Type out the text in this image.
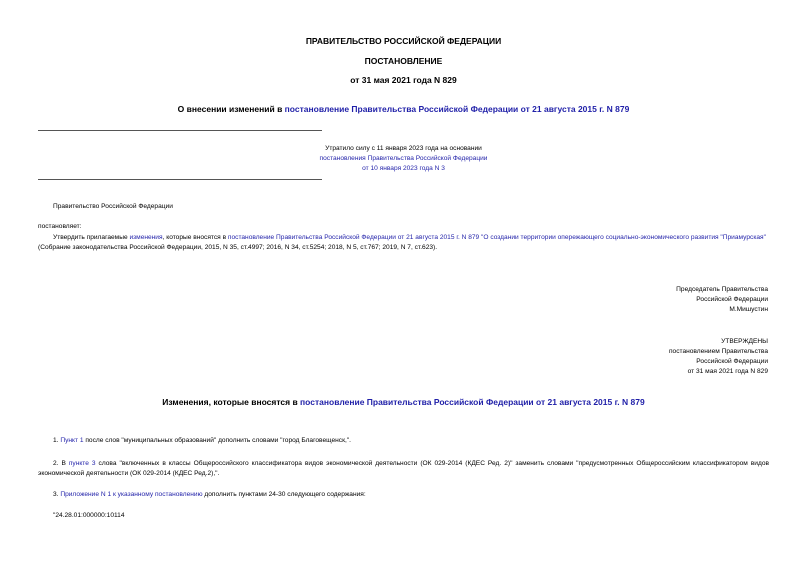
ПРАВИТЕЛЬСТВО РОССИЙСКОЙ ФЕДЕРАЦИИ
ПОСТАНОВЛЕНИЕ
от 31 мая 2021 года N 829
О внесении изменений в постановление Правительства Российской Федерации от 21 августа 2015 г. N 879
Утратило силу с 11 января 2023 года на основании
постановления Правительства Российской Федерации
от 10 января 2023 года N 3
Правительство Российской Федерации
постановляет:
Утвердить прилагаемые изменения, которые вносятся в постановление Правительства Российской Федерации от 21 августа 2015 г. N 879 "О создании территории опережающего социально-экономического развития "Приамурская" (Собрание законодательства Российской Федерации, 2015, N 35, ст.4997; 2016, N 34, ст.5254; 2018, N 5, ст.767; 2019, N 7, ст.623).
Председатель Правительства
Российской Федерации
М.Мишустин
УТВЕРЖДЕНЫ
постановлением Правительства
Российской Федерации
от 31 мая 2021 года N 829
Изменения, которые вносятся в постановление Правительства Российской Федерации от 21 августа 2015 г. N 879
1. Пункт 1 после слов "муниципальных образований" дополнить словами "город Благовещенск,".
2. В пункте 3 слова "включенных в классы Общероссийского классификатора видов экономической деятельности (ОК 029-2014 (КДЕС Ред. 2)" заменить словами "предусмотренных Общероссийским классификатором видов экономической деятельности (ОК 029-2014 (КДЕС Ред.2),".
3. Приложение N 1 к указанному постановлению дополнить пунктами 24-30 следующего содержания:
"24.28.01:000000:10114
